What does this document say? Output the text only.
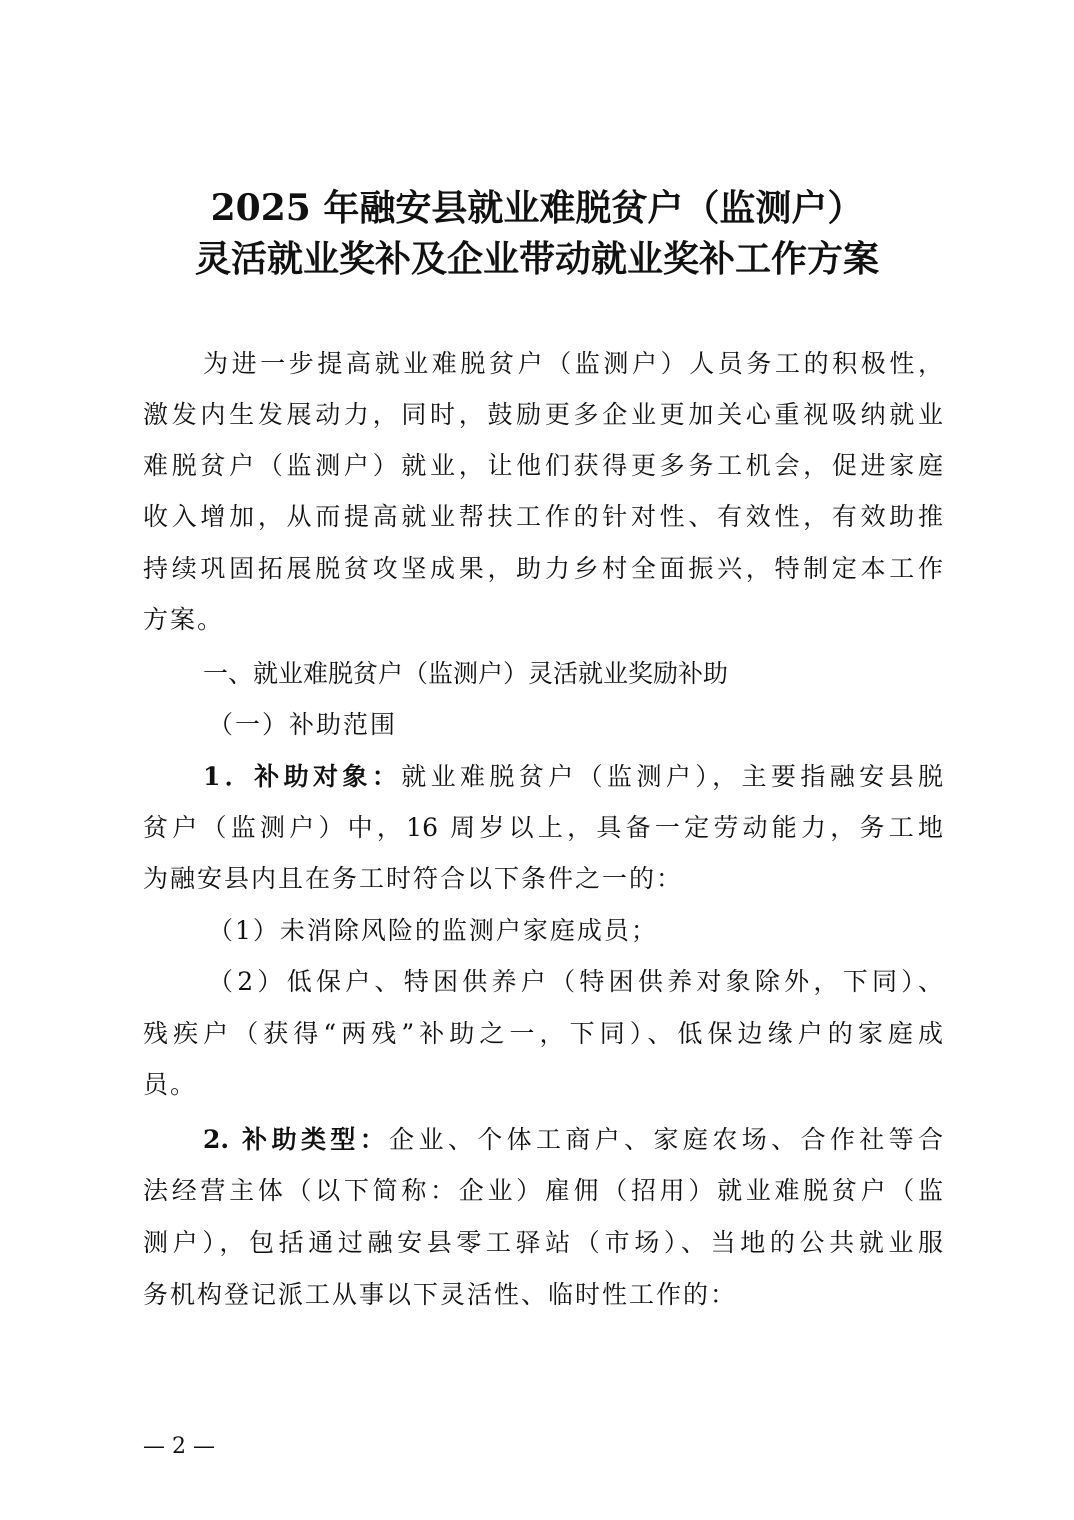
2025 年融安县就业难脱贫户（监测户）
灵活就业奖补及企业带动就业奖补工作方案
为进一步提高就业难脱贫户（监测户）人员务工的积极性，
激发内生发展动力，同时，鼓励更多企业更加关心重视吸纳就业
难脱贫户（监测户）就业，让他们获得更多务工机会，促进家庭
收入增加，从而提高就业帮扶工作的针对性、有效性，有效助推
持续巩固拓展脱贫攻坚成果，助力乡村全面振兴，特制定本工作
方案。
一、就业难脱贫户（监测户）灵活就业奖励补助
（一）补助范围
1．补助对象：就业难脱贫户（监测户），主要指融安县脱
贫户（监测户）中，16 周岁以上，具备一定劳动能力，务工地
为融安县内且在务工时符合以下条件之一的：
（1）未消除风险的监测户家庭成员；
（2）低保户、特困供养户（特困供养对象除外，下同）、
残疾户（获得“两残”补助之一，下同）、低保边缘户的家庭成
员。
2. 补助类型：企业、个体工商户、家庭农场、合作社等合
法经营主体（以下简称：企业）雇佣（招用）就业难脱贫户（监
测户），包括通过融安县零工驿站（市场）、当地的公共就业服
务机构登记派工从事以下灵活性、临时性工作的：
— 2 —
